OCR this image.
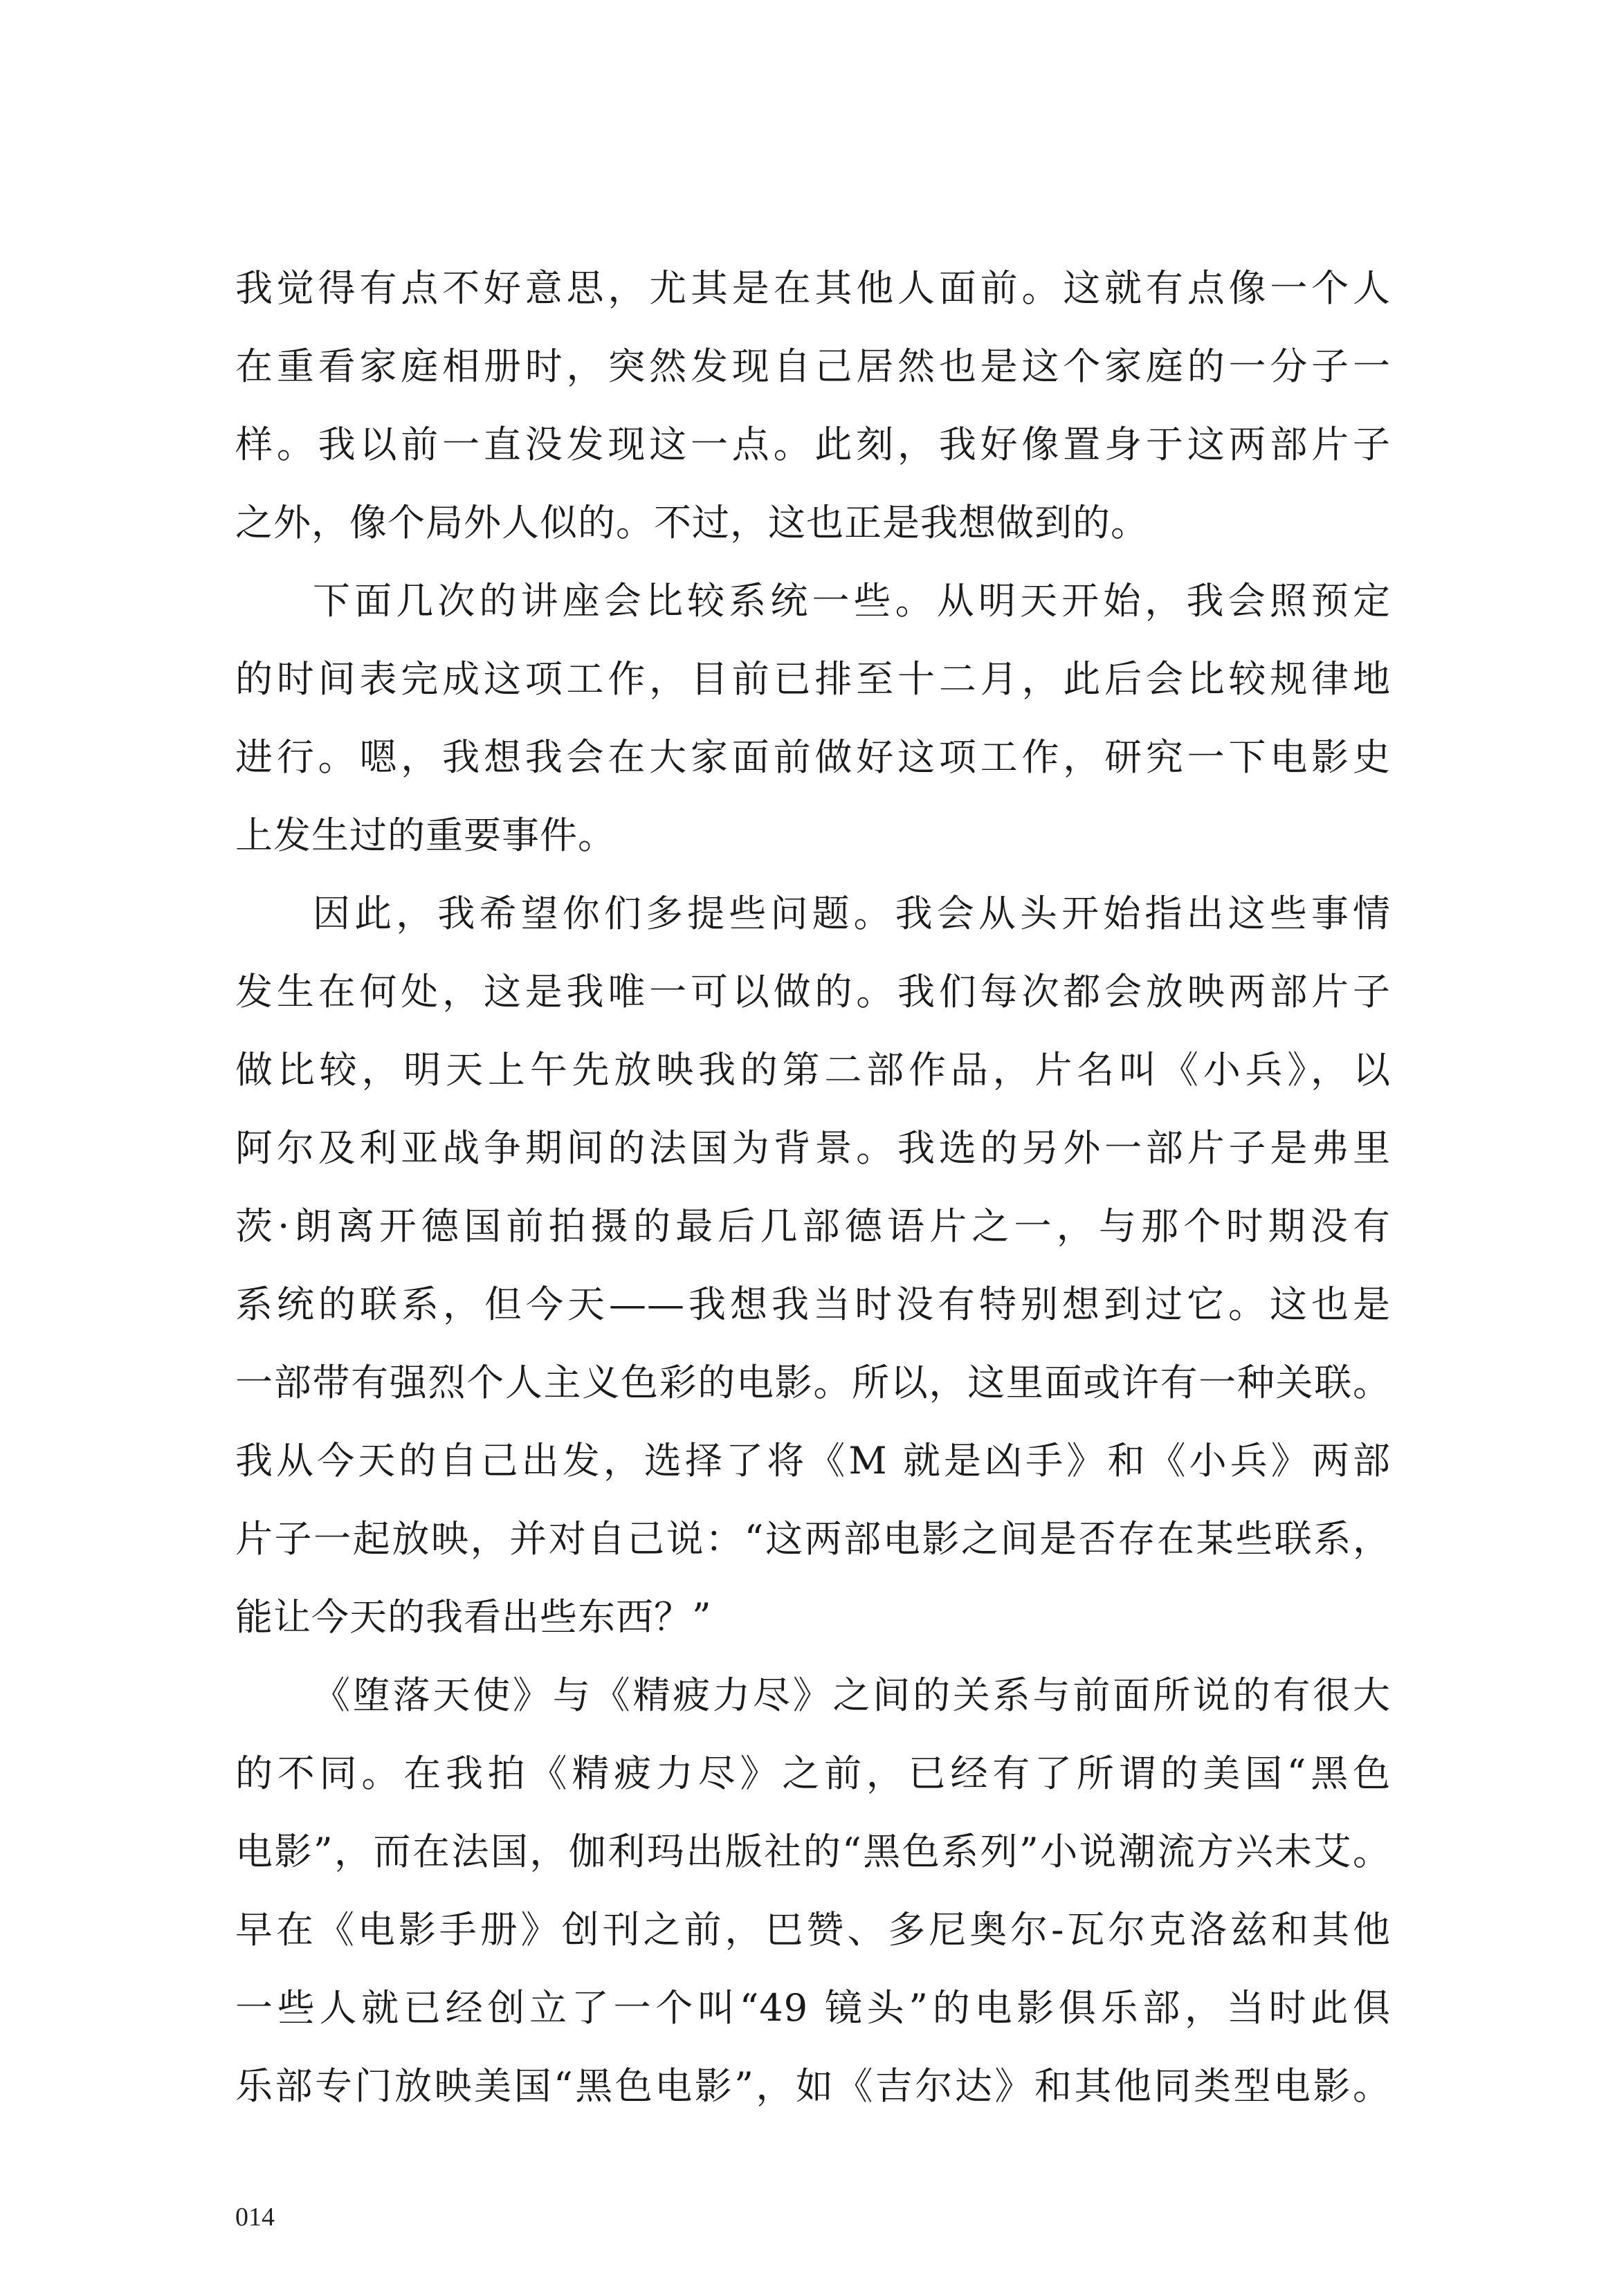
我觉得有点不好意思，尤其是在其他人面前。这就有点像一个人
在重看家庭相册时，突然发现自己居然也是这个家庭的一分子一
样。我以前一直没发现这一点。此刻，我好像置身于这两部片子
之外，像个局外人似的。不过，这也正是我想做到的。
下面几次的讲座会比较系统一些。从明天开始，我会照预定
的时间表完成这项工作，目前已排至十二月，此后会比较规律地
进行。嗯，我想我会在大家面前做好这项工作，研究一下电影史
上发生过的重要事件。
因此，我希望你们多提些问题。我会从头开始指出这些事情
发生在何处，这是我唯一可以做的。我们每次都会放映两部片子
做比较，明天上午先放映我的第二部作品，片名叫《小兵》，以
阿尔及利亚战争期间的法国为背景。我选的另外一部片子是弗里
茨·朗离开德国前拍摄的最后几部德语片之一，与那个时期没有
系统的联系，但今天——我想我当时没有特别想到过它。这也是
一部带有强烈个人主义色彩的电影。所以，这里面或许有一种关联。
我从今天的自己出发，选择了将《M 就是凶手》和《小兵》两部
片子一起放映，并对自己说：“这两部电影之间是否存在某些联系，
能让今天的我看出些东西？”
《堕落天使》与《精疲力尽》之间的关系与前面所说的有很大
的不同。在我拍《精疲力尽》之前，已经有了所谓的美国“黑色
电影”，而在法国，伽利玛出版社的“黑色系列”小说潮流方兴未艾。
早在《电影手册》创刊之前，巴赞、多尼奥尔-瓦尔克洛兹和其他
一些人就已经创立了一个叫“49 镜头”的电影俱乐部，当时此俱
乐部专门放映美国“黑色电影”，如《吉尔达》和其他同类型电影。
014
